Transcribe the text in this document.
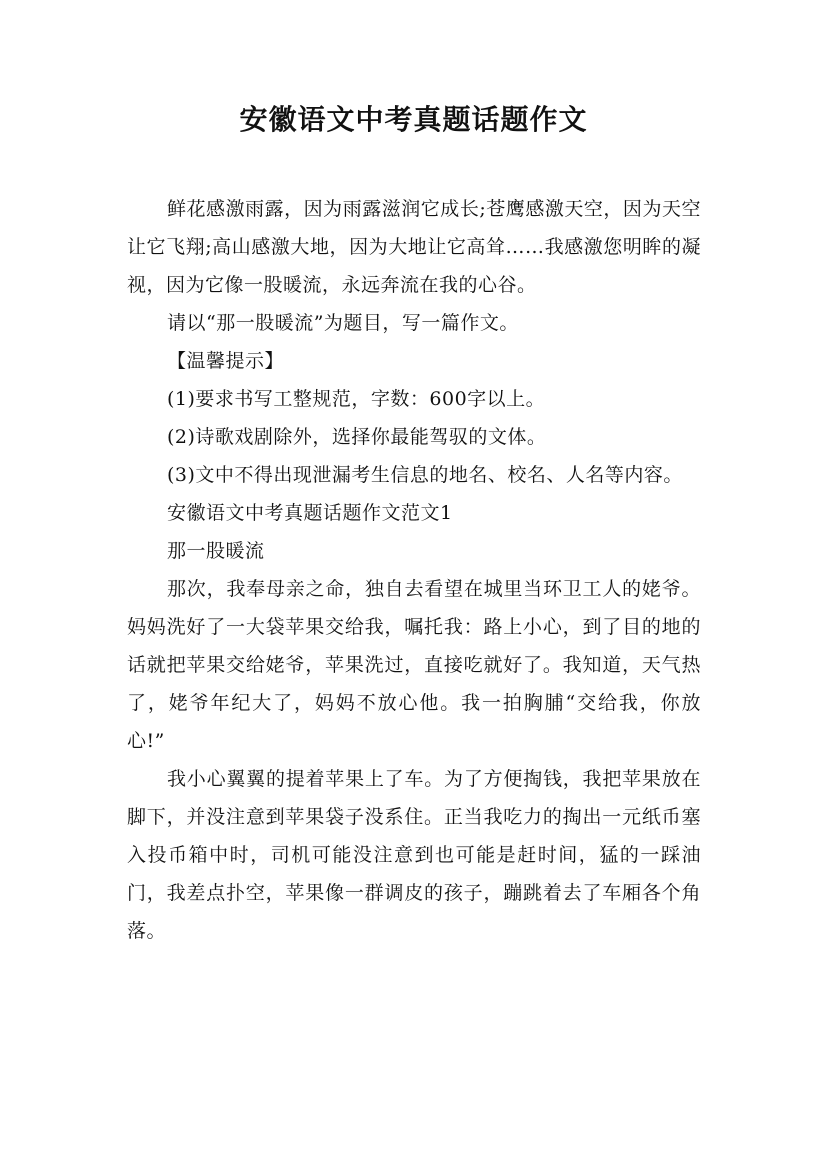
安徽语文中考真题话题作文

鲜花感激雨露，因为雨露滋润它成长;苍鹰感激天空，因为天空让它飞翔;高山感激大地，因为大地让它高耸……我感激您明眸的凝视，因为它像一股暖流，永远奔流在我的心谷。

请以“那一股暖流”为题目，写一篇作文。

【温馨提示】

(1)要求书写工整规范，字数：600字以上。

(2)诗歌戏剧除外，选择你最能驾驭的文体。

(3)文中不得出现泄漏考生信息的地名、校名、人名等内容。

安徽语文中考真题话题作文范文1

那一股暖流

那次，我奉母亲之命，独自去看望在城里当环卫工人的姥爷。妈妈洗好了一大袋苹果交给我，嘱托我：路上小心，到了目的地的话就把苹果交给姥爷，苹果洗过，直接吃就好了。我知道，天气热了，姥爷年纪大了，妈妈不放心他。我一拍胸脯“交给我，你放心!”

我小心翼翼的提着苹果上了车。为了方便掏钱，我把苹果放在脚下，并没注意到苹果袋子没系住。正当我吃力的掏出一元纸币塞入投币箱中时，司机可能没注意到也可能是赶时间，猛的一踩油门，我差点扑空，苹果像一群调皮的孩子，蹦跳着去了车厢各个角落。
